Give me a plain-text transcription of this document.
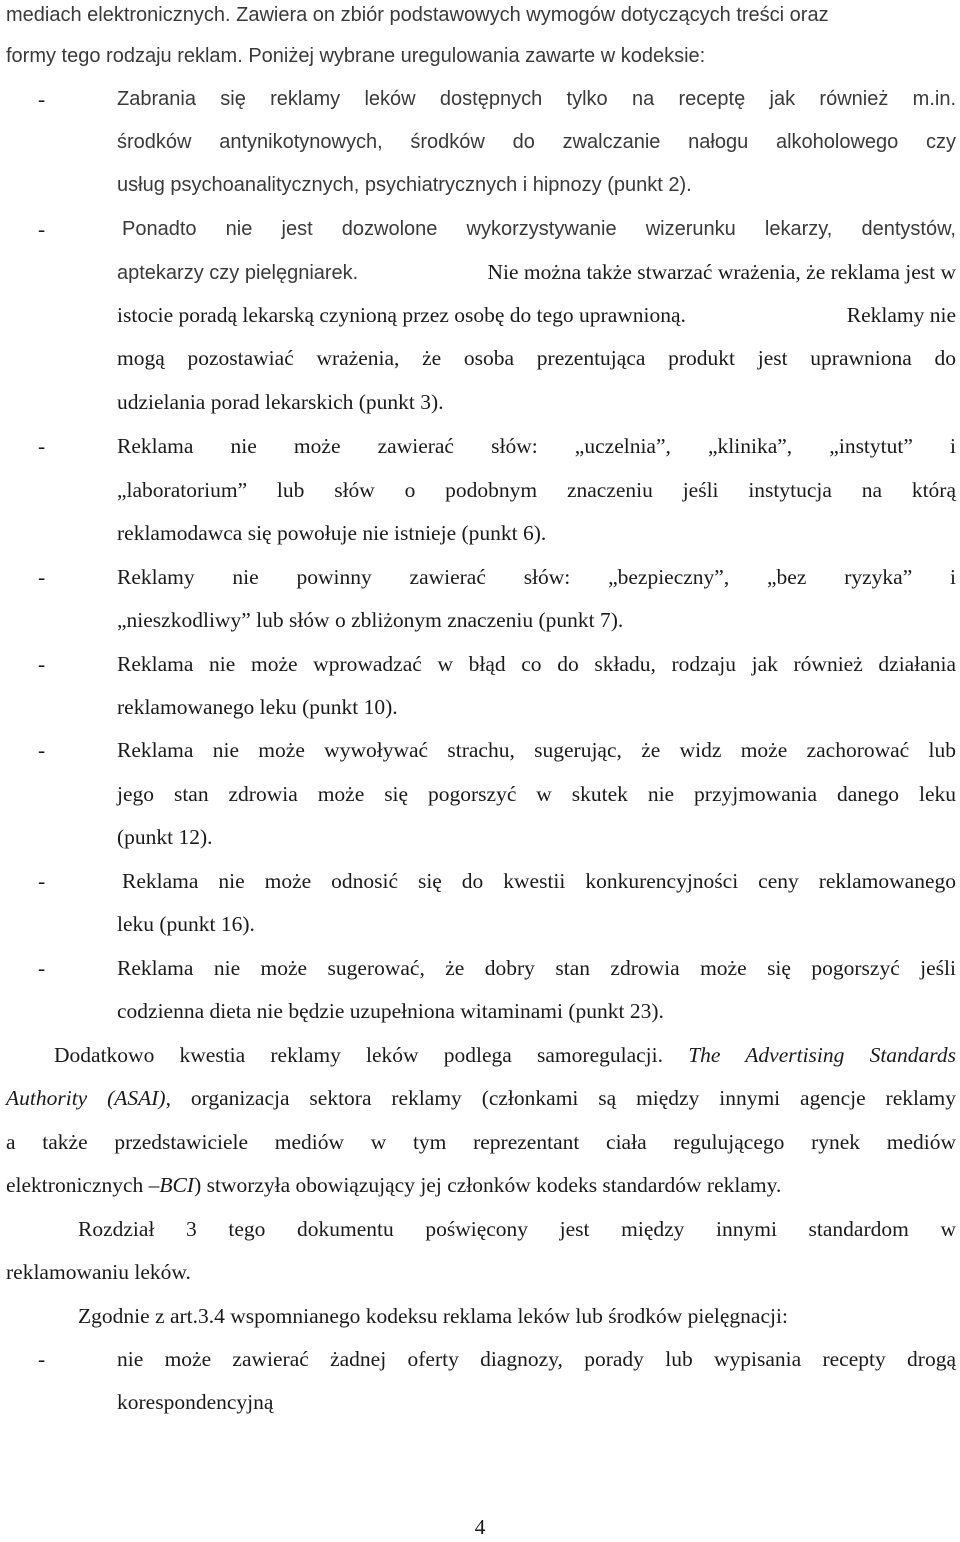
mediach elektronicznych. Zawiera on zbiór podstawowych wymogów dotyczących treści oraz
formy tego rodzaju reklam. Poniżej wybrane uregulowania zawarte w kodeksie:
-	Zabrania się reklamy leków dostępnych tylko na receptę jak również m.in.
środków antynikotynowych, środków do zwalczanie nałogu alkoholowego czy
usług psychoanalitycznych, psychiatrycznych i hipnozy (punkt 2).
-	Ponadto nie jest dozwolone wykorzystywanie wizerunku lekarzy, dentystów,
aptekarzy czy pielęgniarek.	Nie można także stwarzać wrażenia, że reklama jest w
istocie poradą lekarską czynioną przez osobę do tego uprawnioną.	Reklamy nie
mogą pozostawiać wrażenia, że osoba prezentująca produkt jest uprawniona do
udzielania porad lekarskich (punkt 3).
-	Reklama nie może zawierać słów: „uczelnia”, „klinika”, „instytut” i
„laboratorium” lub słów o podobnym znaczeniu jeśli instytucja na którą
reklamodawca się powołuje nie istnieje (punkt 6).
-	Reklamy nie powinny zawierać słów: „bezpieczny”, „bez ryzyka” i
„nieszkodliwy” lub słów o zbliżonym znaczeniu (punkt 7).
-	Reklama nie może wprowadzać w błąd co do składu, rodzaju jak również działania
reklamowanego leku (punkt 10).
-	Reklama nie może wywoływać strachu, sugerując, że widz może zachorować lub
jego stan zdrowia może się pogorszyć w skutek nie przyjmowania danego leku
(punkt 12).
-	Reklama nie może odnosić się do kwestii konkurencyjności ceny reklamowanego
leku (punkt 16).
-	Reklama nie może sugerować, że dobry stan zdrowia może się pogorszyć jeśli
codzienna dieta nie będzie uzupełniona witaminami (punkt 23).
Dodatkowo kwestia reklamy leków podlega samoregulacji. The Advertising Standards
Authority (ASAI), organizacja sektora reklamy (członkami są między innymi agencje reklamy
a także przedstawiciele mediów w tym reprezentant ciała regulującego rynek mediów
elektronicznych –BCI) stworzyła obowiązujący jej członków kodeks standardów reklamy.
Rozdział 3 tego dokumentu poświęcony jest między innymi standardom w
reklamowaniu leków.
Zgodnie z art.3.4 wspomnianego kodeksu reklama leków lub środków pielęgnacji:
-	nie może zawierać żadnej oferty diagnozy, porady lub wypisania recepty drogą
korespondencyjną
4
